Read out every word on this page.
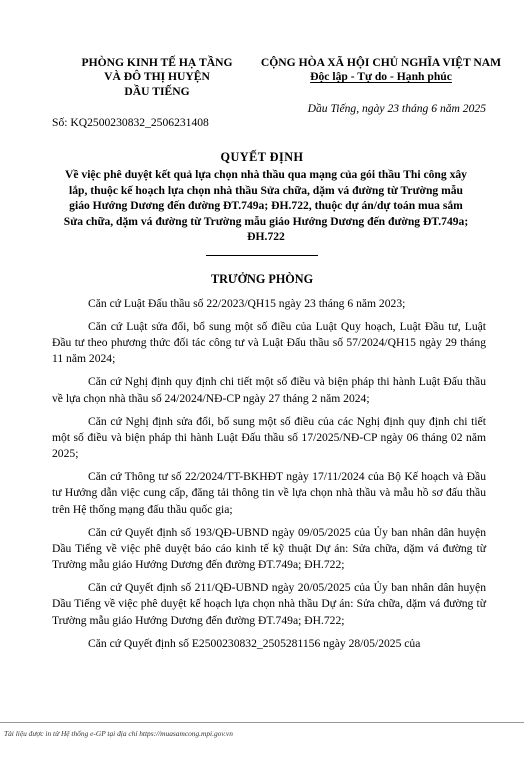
PHÒNG KINH TẾ HẠ TẦNG
VÀ ĐÔ THỊ HUYỆN
DẦU TIẾNG
CỘNG HÒA XÃ HỘI CHỦ NGHĨA VIỆT NAM
Độc lập - Tự do - Hạnh phúc
Dầu Tiếng, ngày 23 tháng 6 năm 2025
Số: KQ2500230832_2506231408
QUYẾT ĐỊNH
Về việc phê duyệt kết quả lựa chọn nhà thầu qua mạng của gói thầu Thi công xây lắp, thuộc kế hoạch lựa chọn nhà thầu Sửa chữa, dặm vá đường từ Trường mẫu giáo Hướng Dương đến đường ĐT.749a; ĐH.722, thuộc dự án/dự toán mua sắm Sửa chữa, dặm vá đường từ Trường mẫu giáo Hướng Dương đến đường ĐT.749a; ĐH.722
TRƯỞNG PHÒNG

Căn cứ Luật Đấu thầu số 22/2023/QH15 ngày 23 tháng 6 năm 2023;

Căn cứ Luật sửa đổi, bổ sung một số điều của Luật Quy hoạch, Luật Đầu tư, Luật Đầu tư theo phương thức đối tác công tư và Luật Đấu thầu số 57/2024/QH15 ngày 29 tháng 11 năm 2024;

Căn cứ Nghị định quy định chi tiết một số điều và biện pháp thi hành Luật Đấu thầu về lựa chọn nhà thầu số 24/2024/NĐ-CP ngày 27 tháng 2 năm 2024;

Căn cứ Nghị định sửa đổi, bổ sung một số điều của các Nghị định quy định chi tiết một số điều và biện pháp thi hành Luật Đấu thầu số 17/2025/NĐ-CP ngày 06 tháng 02 năm 2025;

Căn cứ Thông tư số 22/2024/TT-BKHĐT ngày 17/11/2024 của Bộ Kế hoạch và Đầu tư Hướng dẫn việc cung cấp, đăng tải thông tin về lựa chọn nhà thầu và mẫu hồ sơ đấu thầu trên Hệ thống mạng đấu thầu quốc gia;

Căn cứ Quyết định số 193/QĐ-UBND ngày 09/05/2025 của Ủy ban nhân dân huyện Dầu Tiếng về việc phê duyệt báo cáo kinh tế kỹ thuật Dự án: Sửa chữa, dặm vá đường từ Trường mẫu giáo Hướng Dương đến đường ĐT.749a; ĐH.722;

Căn cứ Quyết định số 211/QĐ-UBND ngày 20/05/2025 của Ủy ban nhân dân huyện Dầu Tiếng về việc phê duyệt kế hoạch lựa chọn nhà thầu Dự án: Sửa chữa, dặm vá đường từ Trường mẫu giáo Hướng Dương đến đường ĐT.749a; ĐH.722;

Căn cứ Quyết định số E2500230832_2505281156 ngày 28/05/2025 của

Tài liệu được in từ Hệ thống e-GP tại địa chỉ https://muasamcong.mpi.gov.vn
